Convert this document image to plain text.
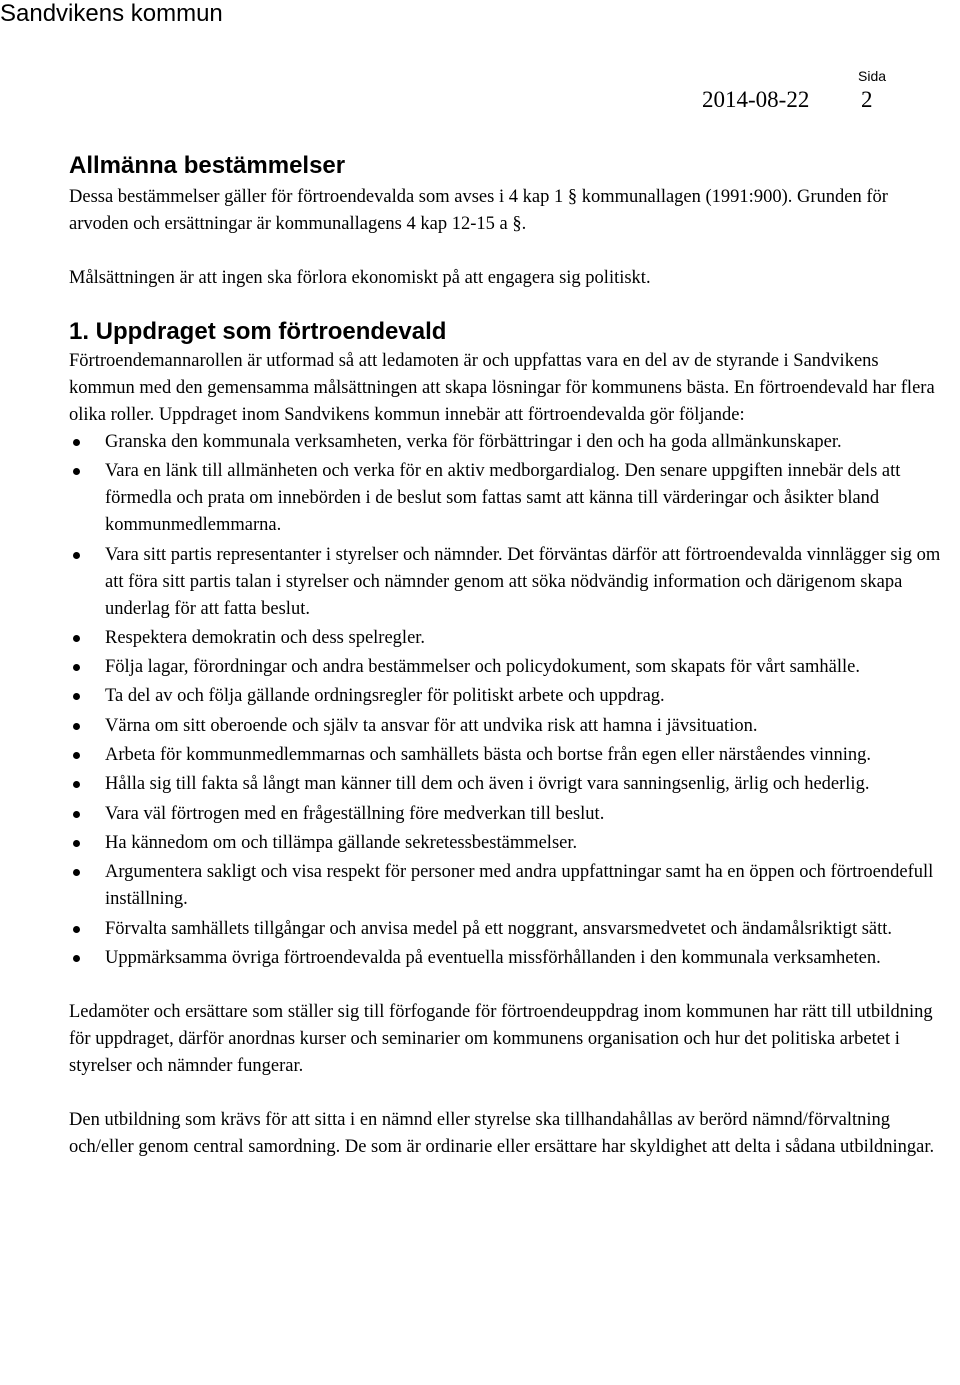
Sandvikens kommun
Sida
2014-08-22 2
Allmänna bestämmelser

Dessa bestämmelser gäller för förtroendevalda som avses i 4 kap 1 § kommunallagen (1991:900). Grunden för arvoden och ersättningar är kommunallagens 4 kap 12-15 a §.

Målsättningen är att ingen ska förlora ekonomiskt på att engagera sig politiskt.

1. Uppdraget som förtroendevald

Förtroendemannarollen är utformad så att ledamoten är och uppfattas vara en del av de styrande i Sandvikens kommun med den gemensamma målsättningen att skapa lösningar för kommunens bästa. En förtroendevald har flera olika roller. Uppdraget inom Sandvikens kommun innebär att förtroendevalda gör följande:

Granska den kommunala verksamheten, verka för förbättringar i den och ha goda allmänkunskaper.
Vara en länk till allmänheten och verka för en aktiv medborgardialog. Den senare uppgiften innebär dels att förmedla och prata om innebörden i de beslut som fattas samt att känna till värderingar och åsikter bland kommunmedlemmarna.
Vara sitt partis representanter i styrelser och nämnder. Det förväntas därför att förtroendevalda vinnlägger sig om att föra sitt partis talan i styrelser och nämnder genom att söka nödvändig information och därigenom skapa underlag för att fatta beslut.
Respektera demokratin och dess spelregler.
Följa lagar, förordningar och andra bestämmelser och policydokument, som skapats för vårt samhälle.
Ta del av och följa gällande ordningsregler för politiskt arbete och uppdrag.
Värna om sitt oberoende och själv ta ansvar för att undvika risk att hamna i jävsituation.
Arbeta för kommunmedlemmarnas och samhällets bästa och bortse från egen eller närståendes vinning.
Hålla sig till fakta så långt man känner till dem och även i övrigt vara sanningsenlig, ärlig och hederlig.
Vara väl förtrogen med en frågeställning före medverkan till beslut.
Ha kännedom om och tillämpa gällande sekretessbestämmelser.
Argumentera sakligt och visa respekt för personer med andra uppfattningar samt ha en öppen och förtroendefull inställning.
Förvalta samhällets tillgångar och anvisa medel på ett noggrant, ansvarsmedvetet och ändamålsriktigt sätt.
Uppmärksamma övriga förtroendevalda på eventuella missförhållanden i den kommunala verksamheten.

Ledamöter och ersättare som ställer sig till förfogande för förtroendeuppdrag inom kommunen har rätt till utbildning för uppdraget, därför anordnas kurser och seminarier om kommunens organisation och hur det politiska arbetet i styrelser och nämnder fungerar.

Den utbildning som krävs för att sitta i en nämnd eller styrelse ska tillhandahållas av berörd nämnd/förvaltning och/eller genom central samordning. De som är ordinarie eller ersättare har skyldighet att delta i sådana utbildningar.
